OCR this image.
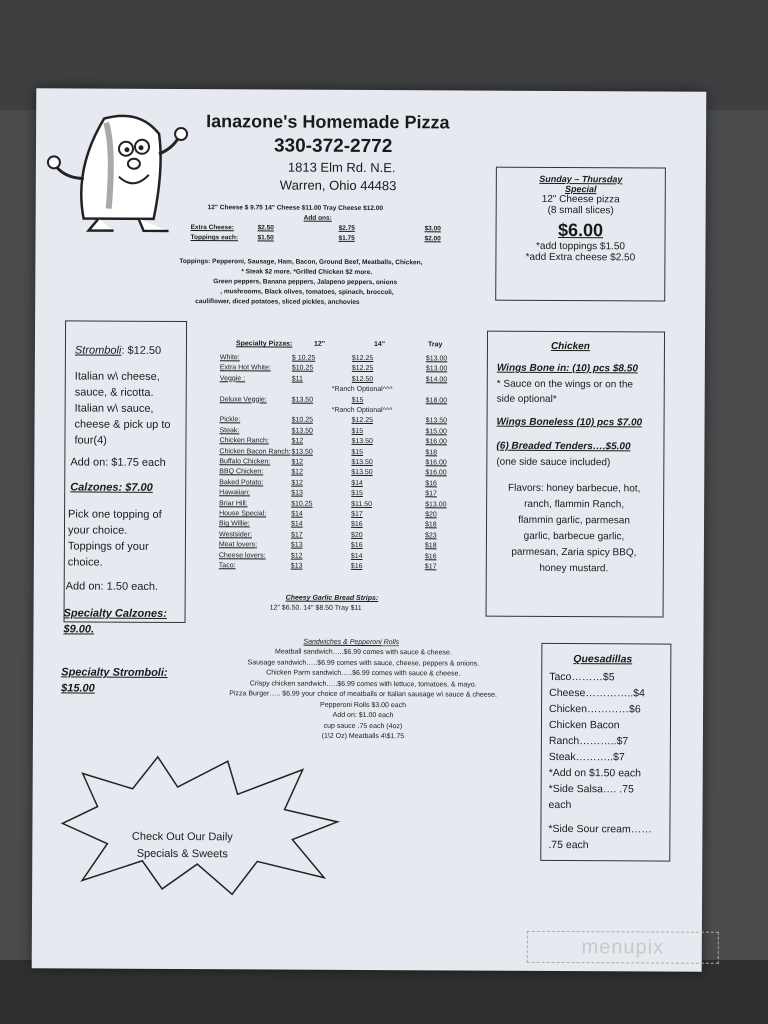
Ianazone's Homemade Pizza
330-372-2772
1813 Elm Rd. N.E.
Warren, Ohio 44483
12" Cheese $ 9.75 14" Cheese $11.00 Tray Cheese $12.00
Add ons:
Extra Cheese:	$2.50	$2.75	$3.00
Toppings each:	$1.50	$1.75	$2.00
Toppings: Pepperoni, Sausage, Ham, Bacon, Ground Beef, Meatballs, Chicken,
* Steak $2 more. *Grilled Chicken $2 more.
Green peppers, Banana peppers, Jalapeno peppers, onions
, mushrooms, Black olives, tomatoes, spinach, broccoli,
cauliflower, diced potatoes, sliced pickles, anchovies
Sunday – Thursday
Special
12" Cheese pizza
(8 small slices)
$6.00
*add toppings $1.50
*add Extra cheese $2.50
Stromboli: $12.50
Italian w\ cheese,
sauce, & ricotta.
Italian w\ sauce,
cheese & pick up to
four(4)
Add on: $1.75 each
Calzones: $7.00
Pick one topping of
your choice.
Toppings of your
choice.
Add on: 1.50 each.
Specialty Calzones:
$9.00.
Specialty Stromboli:
$15.00
Specialty Pizzas:	12"	14"	Tray
White:	$ 10.25	$12.25	$13.00
Extra Hot White:	$10.25	$12.25	$13.00
Veggie :	$11	$12.50	$14.00
*Ranch Optional^^^
Deluxe Veggie:	$13.50	$15	$18.00
*Ranch Optional^^^
Pickle:	$10.25	$12.25	$13.50
Steak:	$13.50	$15	$15.00
Chicken Ranch:	$12	$13.50	$16.00
Chicken Bacon Ranch: $13.50	$15	$18
Buffalo Chicken:	$12	$13.50	$16.00
BBQ Chicken:	$12	$13.50	$16.00
Baked Potato:	$12	$14	$16
Hawaiian:	$13	$15	$17
Briar Hill:	$10.25	$11.50	$13.00
House Special:	$14	$17	$20
Big Willie:	$14	$16	$18
Westsider:	$17	$20	$23
Meat lovers:	$13	$16	$18
Cheese lovers:	$12	$14	$16
Taco:	$13	$16	$17
Cheesy Garlic Bread Strips:
12" $6.50. 14" $8.50 Tray $11
Chicken
Wings Bone in: (10) pcs $8.50
* Sauce on the wings or on the
side optional*
Wings Boneless (10) pcs $7.00
(6) Breaded Tenders….$5.00
(one side sauce included)
Flavors: honey barbecue, hot,
ranch, flammin Ranch,
flammin garlic, parmesan
garlic, barbecue garlic,
parmesan, Zaria spicy BBQ,
honey mustard.
Sandwiches & Pepperoni Rolls
Meatball sandwich…..$6.99 comes with sauce & cheese.
Sausage sandwich…..$6.99 comes with sauce, cheese, peppers & onions.
Chicken Parm sandwich…..$6.99 comes with sauce & cheese.
Crispy chicken sandwich…..$6.99 comes with lettuce, tomatoes, & mayo.
Pizza Burger….. $6.99 your choice of meatballs or Italian sausage w\ sauce & cheese.
Pepperoni Rolls $3.00 each
Add on: $1.00 each
cup sauce .75 each (4oz)
(1\2 Oz) Meatballs 4\$1.75
Quesadillas
Taco………$5
Cheese…………..$4
Chicken…………$6
Chicken Bacon
Ranch………..$7
Steak………..$7
*Add on $1.50 each
*Side Salsa…. .75
each
*Side Sour cream……
.75 each
Check Out Our Daily
Specials & Sweets
menupix
